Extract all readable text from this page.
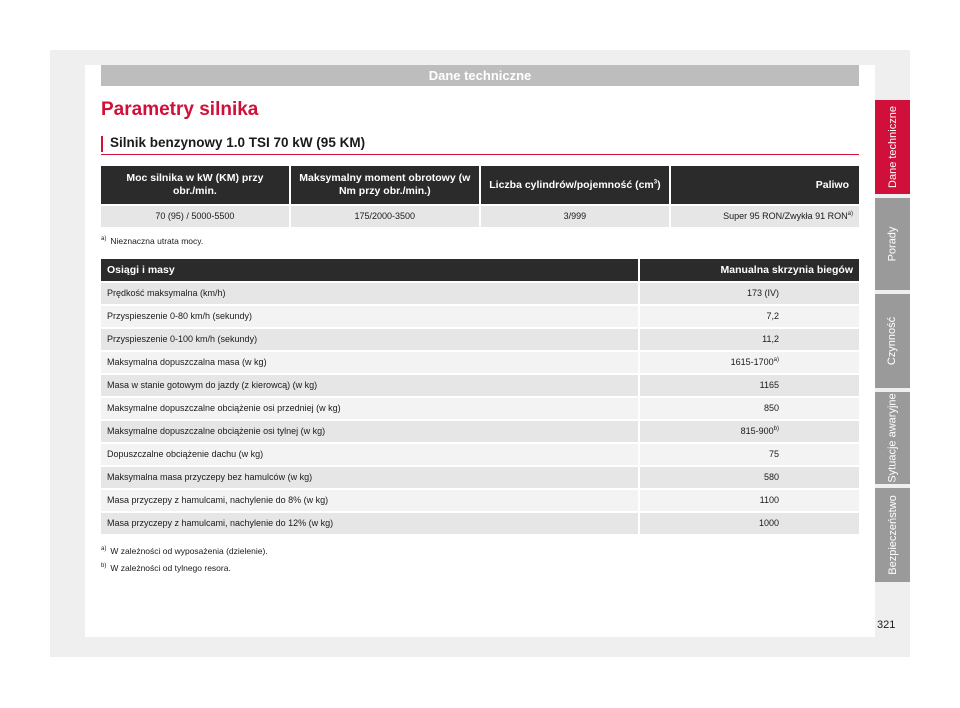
Dane techniczne
Parametry silnika
Silnik benzynowy 1.0 TSI 70 kW (95 KM)
Moc silnika w kW (KM) przy obr./min.	Maksymalny moment obrotowy (w Nm przy obr./min.)	Liczba cylindrów/pojemność $(cm^3)$	Paliwo
70 (95) / 5000-5500	175/2000-3500	3/999	Super 95 RON/Zwykła 91 RON$^{a)}$
$^{a)}$ Nieznaczna utrata mocy.
Osiągi i masy	Manualna skrzynia biegów
Prędkość maksymalna (km/h)	173 (IV)
Przyspieszenie 0-80 km/h (sekundy)	7,2
Przyspieszenie 0-100 km/h (sekundy)	11,2
Maksymalna dopuszczalna masa (w kg)	1615-1700$^{a)}$
Masa w stanie gotowym do jazdy (z kierowcą) (w kg)	1165
Maksymalne dopuszczalne obciążenie osi przedniej (w kg)	850
Maksymalne dopuszczalne obciążenie osi tylnej (w kg)	815-900$^{b)}$
Dopuszczalne obciążenie dachu (w kg)	75
Maksymalna masa przyczepy bez hamulców (w kg)	580
Masa przyczepy z hamulcami, nachylenie do 8% (w kg)	1100
Masa przyczepy z hamulcami, nachylenie do 12% (w kg)	1000
$^{a)}$ W zależności od wyposażenia (dzielenie).
$^{b)}$ W zależności od tylnego resora.
Dane techniczne
Porady
Czynność
Sytuacje awaryjne
Bezpieczeństwo
321
